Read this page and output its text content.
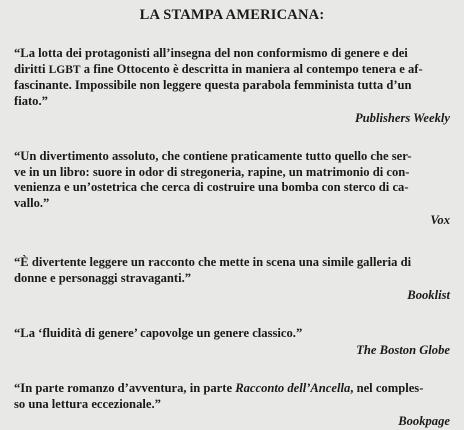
LA STAMPA AMERICANA:

“La lotta dei protagonisti all’insegna del non conformismo di genere e dei
diritti LGBT a fine Ottocento è descritta in maniera al contempo tenera e af-
fascinante. Impossibile non leggere questa parabola femminista tutta d’un
fiato.”

Publishers Weekly

“Un divertimento assoluto, che contiene praticamente tutto quello che ser-
ve in un libro: suore in odor di stregoneria, rapine, un matrimonio di con-
venienza e un’ostetrica che cerca di costruire una bomba con sterco di ca-
vallo.”

Vox

“È divertente leggere un racconto che mette in scena una simile galleria di
donne e personaggi stravaganti.”

Booklist

“La ‘fluidità di genere’ capovolge un genere classico.”

The Boston Globe

“In parte romanzo d’avventura, in parte Racconto dell’Ancella, nel comples-
so una lettura eccezionale.”

Bookpage
